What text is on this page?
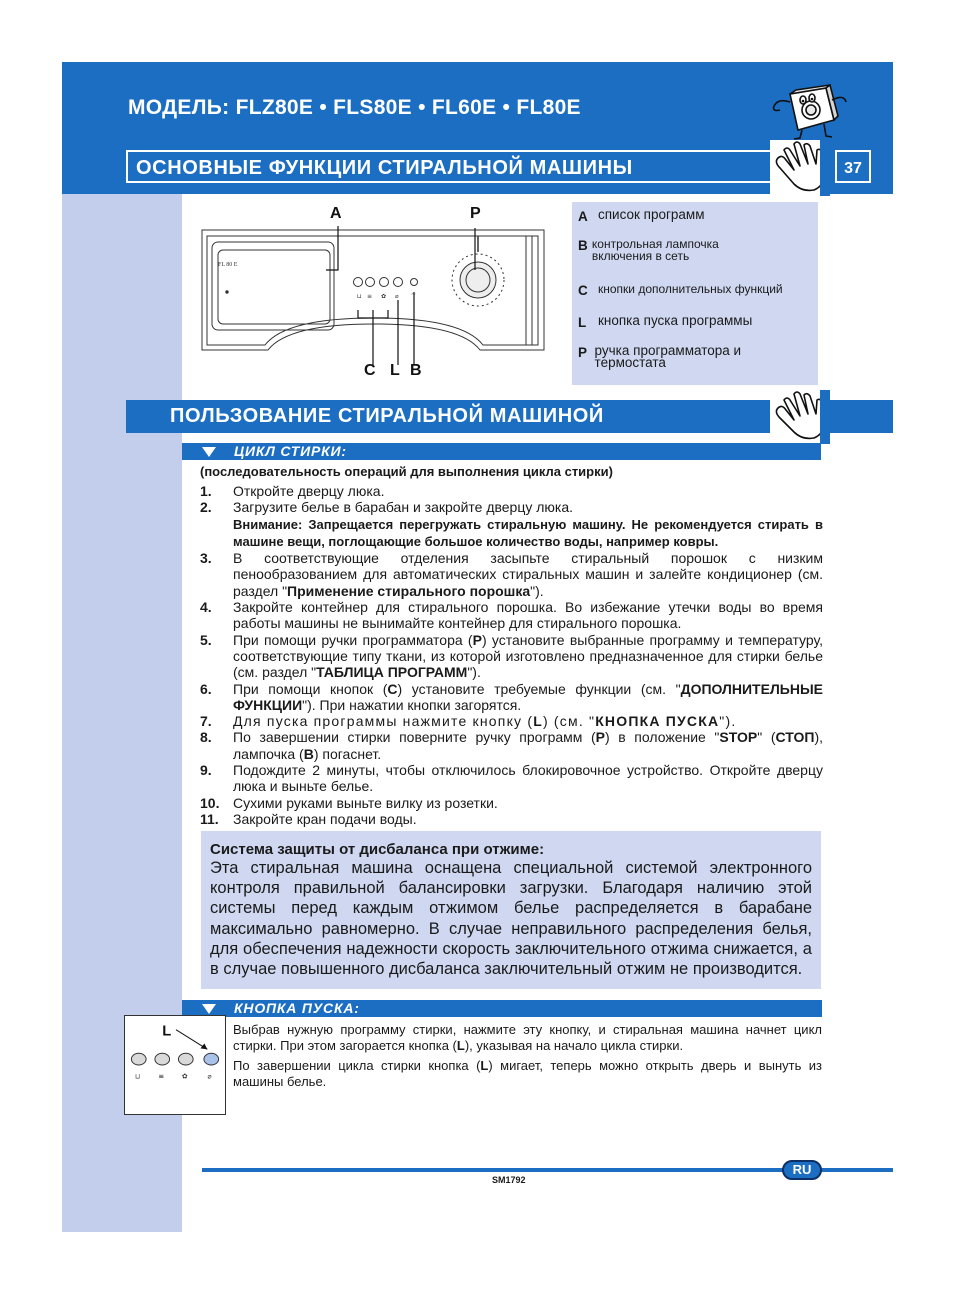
МОДЕЛЬ: FLZ80E • FLS80E • FL60E • FL80E
ОСНОВНЫЕ ФУНКЦИИ СТИРАЛЬНОЙ МАШИНЫ	37
⊔ ≡ ✿ ⌀ ~
FL 80 E
A	P
C L B
A список программ
B контрольная лампочка включения в сеть
C кнопки дополнительных функций
L кнопка пуска программы
P ручка программатора и термостата
ПОЛЬЗОВАНИЕ СТИРАЛЬНОЙ МАШИНОЙ
ЦИКЛ СТИРКИ:
(последовательность операций для выполнения цикла стирки)
1.	Откройте дверцу люка.
2.	Загрузите белье в барабан и закройте дверцу люка.
Внимание: Запрещается перегружать стиральную машину. Не рекомендуется стирать в машине вещи, поглощающие большое количество воды, например ковры.
3.	В соответствующие отделения засыпьте стиральный порошок с низким пенообразованием для автоматических стиральных машин и залейте кондиционер (см. раздел "Применение стирального порошка").
4.	Закройте контейнер для стирального порошка. Во избежание утечки воды во время работы машины не вынимайте контейнер для стирального порошка.
5.	При помощи ручки программатора (P) установите выбранные программу и температуру, соответствующие типу ткани, из которой изготовлено предназначенное для стирки белье (см. раздел "ТАБЛИЦА ПРОГРАММ").
6.	При помощи кнопок (C) установите требуемые функции (см. "ДОПОЛНИТЕЛЬНЫЕ ФУНКЦИИ"). При нажатии кнопки загорятся.
7.	Для пуска программы нажмите кнопку (L) (см. "КНОПКА ПУСКА").
8.	По завершении стирки поверните ручку программ (P) в положение "STOP" (СТОП), лампочка (B) погаснет.
9.	Подождите 2 минуты, чтобы отключилось блокировочное устройство. Откройте дверцу люка и выньте белье.
10. Сухими руками выньте вилку из розетки.
11.	Закройте кран подачи воды.
Система защиты от дисбаланса при отжиме:
Эта стиральная машина оснащена специальной системой электронного контроля правильной балансировки загрузки. Благодаря наличию этой системы перед каждым отжимом белье распределяется в барабане максимально равномерно. В случае неправильного распределения белья, для обеспечения надежности скорость заключительного отжима снижается, а в случае повышенного дисбаланса заключительный отжим не производится.
КНОПКА ПУСКА:
L
⊔	≡	✿	⌀

Выбрав нужную программу стирки, нажмите эту кнопку, и стиральная машина начнет цикл стирки. При этом загорается кнопка (L), указывая на начало цикла стирки.

По завершении цикла стирки кнопка (L) мигает, теперь можно открыть дверь и вынуть из машины белье.

RU
SM1792
